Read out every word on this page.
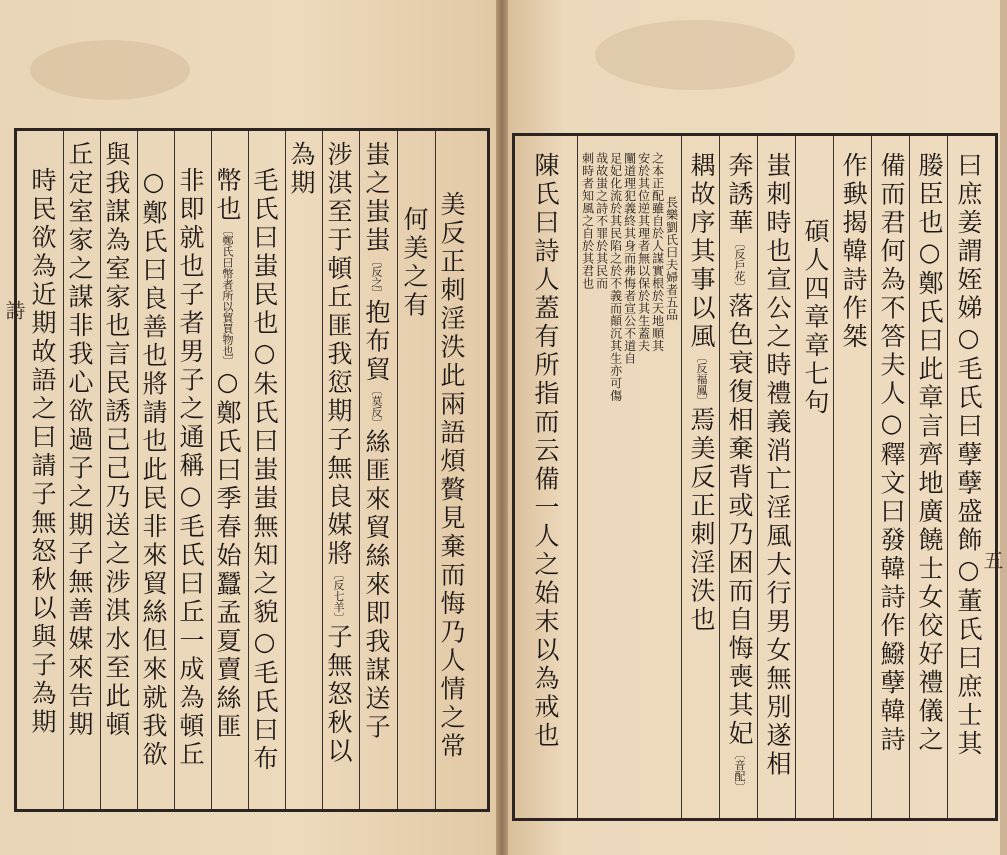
詩
五
美反正刺淫泆此兩語煩贅見棄而悔乃人情之常
何美之有
蚩之蚩蚩〔反之〕抱布貿〔莫反〕絲匪來貿絲來即我謀送子
涉淇至于頓丘匪我愆期子無良媒將〔反七羊〕子無怒秋以
為期
毛氏曰蚩民也○朱氏曰蚩蚩無知之貌○毛氏曰布
幣也〔鄭氏曰幣者所以貿買物也〕○鄭氏曰季春始蠶孟夏賣絲匪
非即就也子者男子之通稱○毛氏曰丘一成為頓丘
○鄭氏曰良善也將請也此民非來貿絲但來就我欲
與我謀為室家也言民誘己己乃送之涉淇水至此頓
丘定室家之謀非我心欲過子之期子無善媒來告期
時民欲為近期故語之曰請子無怒秋以與子為期	曰庶姜謂姪娣○毛氏曰孽孽盛飾○董氏曰庶士其
媵臣也○鄭氏曰此章言齊地廣饒士女佼好禮儀之
備而君何為不答夫人○釋文曰發韓詩作鱍孽韓詩
作𡙇揭韓詩作桀
碩人四章章七句
蚩刺時也宣公之時禮義消亡淫風大行男女無別遂相
奔誘華〔反戶花〕落色衰復相棄背或乃困而自悔喪其妃〔音配〕
耦故序其事以風〔反福鳳〕焉美反正刺淫泆也
長樂劉氏曰夫婦者五品
之本正配雖自於人謀實根於天地順其
安於其位逆其理者無以保於其生蓋夫
闡道理犯義終其身而弗悔者宣公不道自
足妃化流於其民陷之於不義而顛沉其生亦可傷
哉故蚩之詩不罪於其民而
刺時者知風之自於其君也
陳氏曰詩人蓋有所指而云備一人之始末以為戒也
